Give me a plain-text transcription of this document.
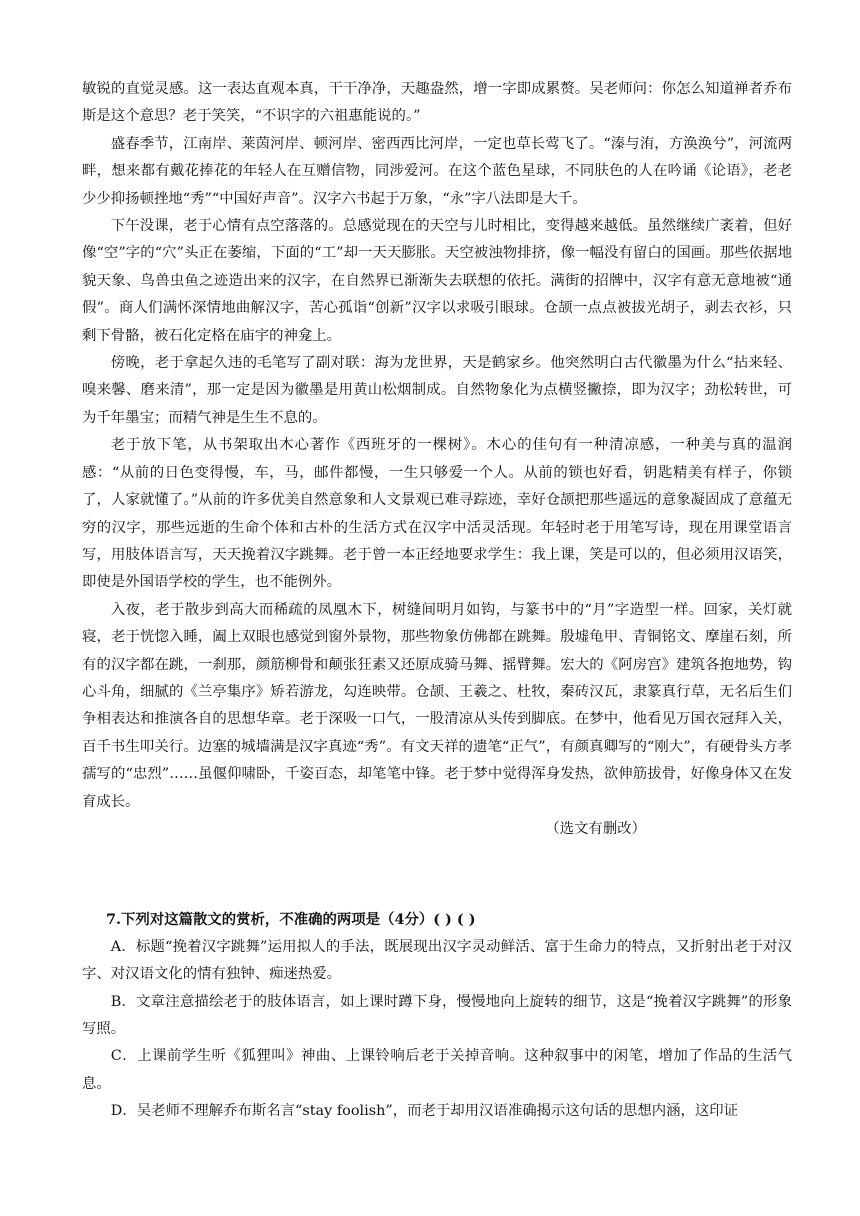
敏锐的直觉灵感。这一表达直观本真，干干净净，天趣盎然，增一字即成累赘。吴老师问：你怎么知道禅者乔布斯是这个意思？老于笑笑，“不识字的六祖惠能说的。”

盛春季节，江南岸、莱茵河岸、顿河岸、密西西比河岸，一定也草长莺飞了。“溱与洧，方涣涣兮”，河流两畔，想来都有戴花捧花的年轻人在互赠信物，同涉爱河。在这个蓝色星球，不同肤色的人在吟诵《论语》，老老少少抑扬顿挫地“秀”“中国好声音”。汉字六书起于万象，“永”字八法即是大千。

下午没课，老于心情有点空落落的。总感觉现在的天空与儿时相比，变得越来越低。虽然继续广袤着，但好像“空”字的“穴”头正在萎缩，下面的“工”却一天天膨胀。天空被浊物排挤，像一幅没有留白的国画。那些依据地貌天象、鸟兽虫鱼之迹造出来的汉字，在自然界已渐渐失去联想的依托。满街的招牌中，汉字有意无意地被“通假”。商人们满怀深情地曲解汉字，苦心孤诣“创新”汉字以求吸引眼球。仓颉一点点被拔光胡子，剥去衣衫，只剩下骨骼，被石化定格在庙宇的神龛上。

傍晚，老于拿起久违的毛笔写了副对联：海为龙世界，天是鹤家乡。他突然明白古代徽墨为什么“拈来轻、嗅来馨、磨来清”，那一定是因为徽墨是用黄山松烟制成。自然物象化为点横竖撇捺，即为汉字；劲松转世，可为千年墨宝；而精气神是生生不息的。

老于放下笔，从书架取出木心著作《西班牙的一棵树》。木心的佳句有一种清凉感，一种美与真的温润感：“从前的日色变得慢，车，马，邮件都慢，一生只够爱一个人。从前的锁也好看，钥匙精美有样子，你锁了，人家就懂了。”从前的许多优美自然意象和人文景观已难寻踪迹，幸好仓颉把那些遥远的意象凝固成了意蕴无穷的汉字，那些远逝的生命个体和古朴的生活方式在汉字中活灵活现。年轻时老于用笔写诗，现在用课堂语言写，用肢体语言写，天天挽着汉字跳舞。老于曾一本正经地要求学生：我上课，笑是可以的，但必须用汉语笑，即使是外国语学校的学生，也不能例外。

入夜，老于散步到高大而稀疏的凤凰木下，树缝间明月如钩，与篆书中的“月”字造型一样。回家，关灯就寝，老于恍惚入睡，阖上双眼也感觉到窗外景物，那些物象仿佛都在跳舞。殷墟龟甲、青铜铭文、摩崖石刻，所有的汉字都在跳，一刹那，颜筋柳骨和颠张狂素又还原成骑马舞、摇臂舞。宏大的《阿房宫》建筑各抱地势，钩心斗角，细腻的《兰亭集序》矫若游龙，勾连映带。仓颉、王羲之、杜牧，秦砖汉瓦，隶篆真行草，无名后生们争相表达和推演各自的思想华章。老于深吸一口气，一股清凉从头传到脚底。在梦中，他看见万国衣冠拜入关，百千书生叩关行。边塞的城墙满是汉字真迹“秀”。有文天祥的遗笔“正气”，有颜真卿写的“刚大”，有硬骨头方孝孺写的“忠烈”……虽偃仰啸卧，千姿百态，却笔笔中锋。老于梦中觉得浑身发热，欲伸筋拔骨，好像身体又在发育成长。

（选文有删改）

7.下列对这篇散文的赏析，不准确的两项是（4分）( ) ( )

A．标题“挽着汉字跳舞”运用拟人的手法，既展现出汉字灵动鲜活、富于生命力的特点，又折射出老于对汉字、对汉语文化的情有独钟、痴迷热爱。

B．文章注意描绘老于的肢体语言，如上课时蹲下身，慢慢地向上旋转的细节，这是“挽着汉字跳舞”的形象写照。

C．上课前学生听《狐狸叫》神曲、上课铃响后老于关掉音响。这种叙事中的闲笔，增加了作品的生活气息。

D．吴老师不理解乔布斯名言“stay foolish”，而老于却用汉语准确揭示这句话的思想内涵，这印证
